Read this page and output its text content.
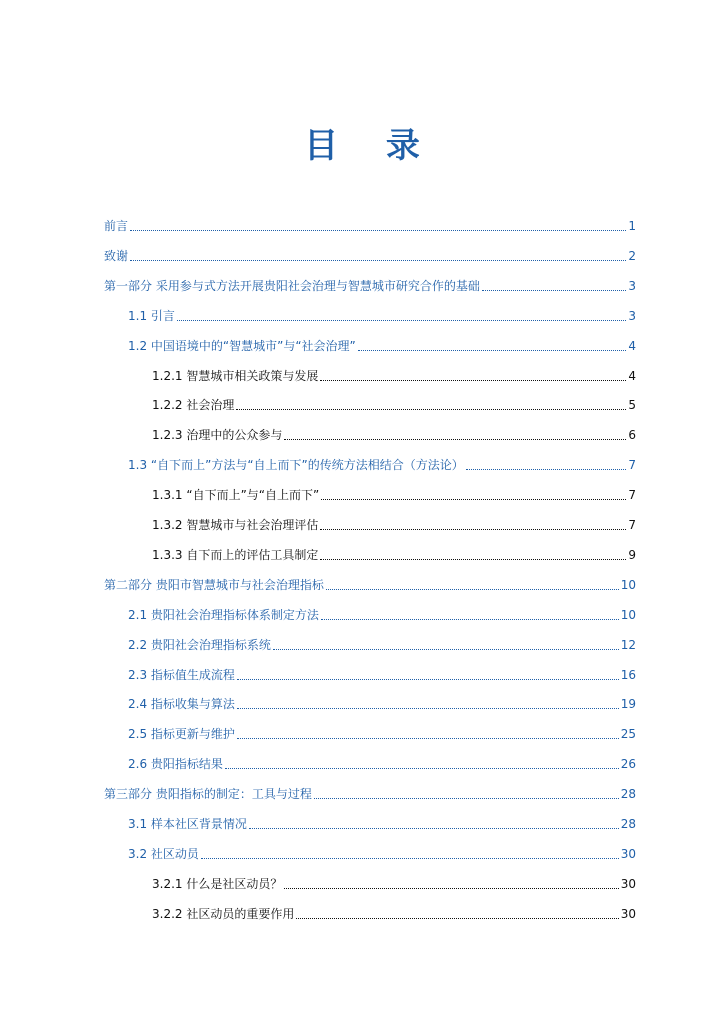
目 录
前言	1
致谢	2
第一部分 采用参与式方法开展贵阳社会治理与智慧城市研究合作的基础	3
1.1 引言	3
1.2 中国语境中的“智慧城市”与“社会治理”	4
1.2.1 智慧城市相关政策与发展	4
1.2.2 社会治理	5
1.2.3 治理中的公众参与	6
1.3 “自下而上”方法与“自上而下”的传统方法相结合（方法论）	7
1.3.1 “自下而上”与“自上而下”	7
1.3.2 智慧城市与社会治理评估	7
1.3.3 自下而上的评估工具制定	9
第二部分 贵阳市智慧城市与社会治理指标	10
2.1 贵阳社会治理指标体系制定方法	10
2.2 贵阳社会治理指标系统	12
2.3 指标值生成流程	16
2.4 指标收集与算法	19
2.5 指标更新与维护	25
2.6 贵阳指标结果	26
第三部分 贵阳指标的制定：工具与过程	28
3.1 样本社区背景情况	28
3.2 社区动员	30
3.2.1 什么是社区动员？	30
3.2.2 社区动员的重要作用	30
